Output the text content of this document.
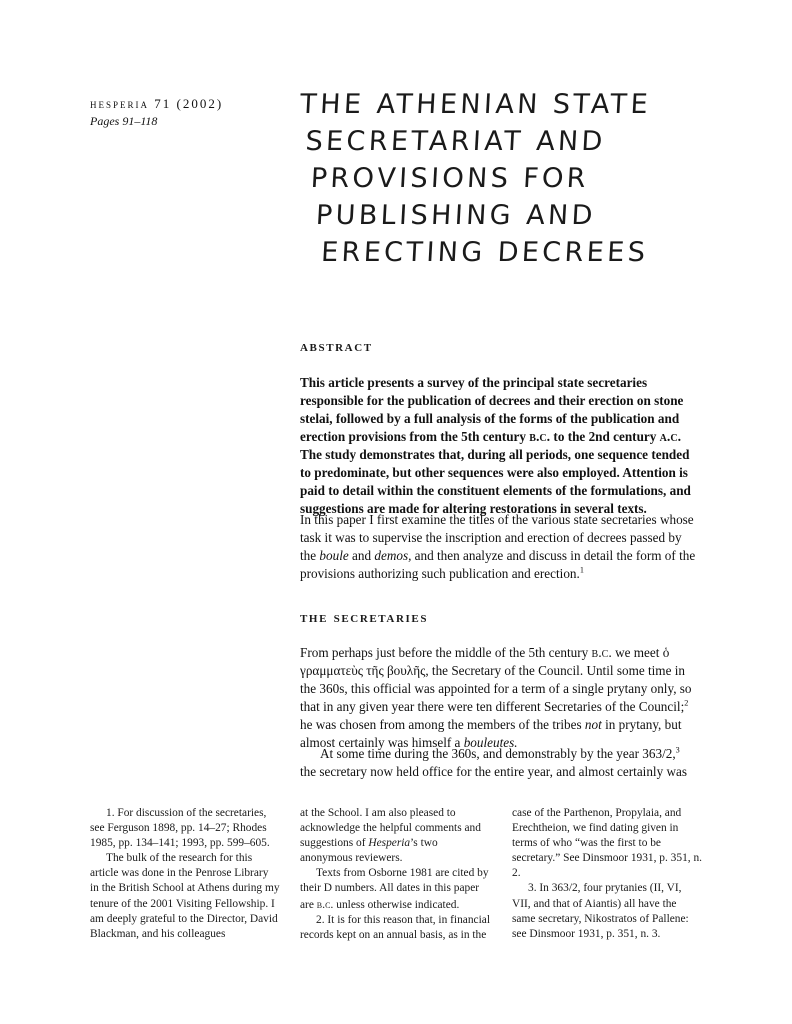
hesperia 71 (2002)
Pages 91–118
THE ATHENIAN STATE
SECRETARIAT AND
PROVISIONS FOR
PUBLISHING AND
ERECTING DECREES
abstract

This article presents a survey of the principal state secretaries responsible for the publication of decrees and their erection on stone stelai, followed by a full analysis of the forms of the publication and erection provisions from the 5th century b.c. to the 2nd century a.c. The study demonstrates that, during all periods, one sequence tended to predominate, but other sequences were also employed. Attention is paid to detail within the constituent elements of the formulations, and suggestions are made for altering restorations in several texts.

In this paper I first examine the titles of the various state secretaries whose task it was to supervise the inscription and erection of decrees passed by the boule and demos, and then analyze and discuss in detail the form of the provisions authorizing such publication and erection.$^1$

the secretaries

From perhaps just before the middle of the 5th century b.c. we meet ὁ γραμματεὺς τῆς βουλῆς, the Secretary of the Council. Until some time in the 360s, this official was appointed for a term of a single prytany only, so that in any given year there were ten different Secretaries of the Council;$^2$ he was chosen from among the members of the tribes not in prytany, but almost certainly was himself a bouleutes.

At some time during the 360s, and demonstrably by the year 363/2,$^3$ the secretary now held office for the entire year, and almost certainly was

1. For discussion of the secretaries, see Ferguson 1898, pp. 14–27; Rhodes 1985, pp. 134–141; 1993, pp. 599–605.

The bulk of the research for this article was done in the Penrose Library in the British School at Athens during my tenure of the 2001 Visiting Fellowship. I am deeply grateful to the Director, David Blackman, and his colleagues

at the School. I am also pleased to acknowledge the helpful comments and suggestions of Hesperia’s two anonymous reviewers.

Texts from Osborne 1981 are cited by their D numbers. All dates in this paper are b.c. unless otherwise indicated.

2. It is for this reason that, in financial records kept on an annual basis, as in the

case of the Parthenon, Propylaia, and Erechtheion, we find dating given in terms of who “was the first to be secretary.” See Dinsmoor 1931, p. 351, n. 2.

3. In 363/2, four prytanies (II, VI, VII, and that of Aiantis) all have the same secretary, Nikostratos of Pallene: see Dinsmoor 1931, p. 351, n. 3.
